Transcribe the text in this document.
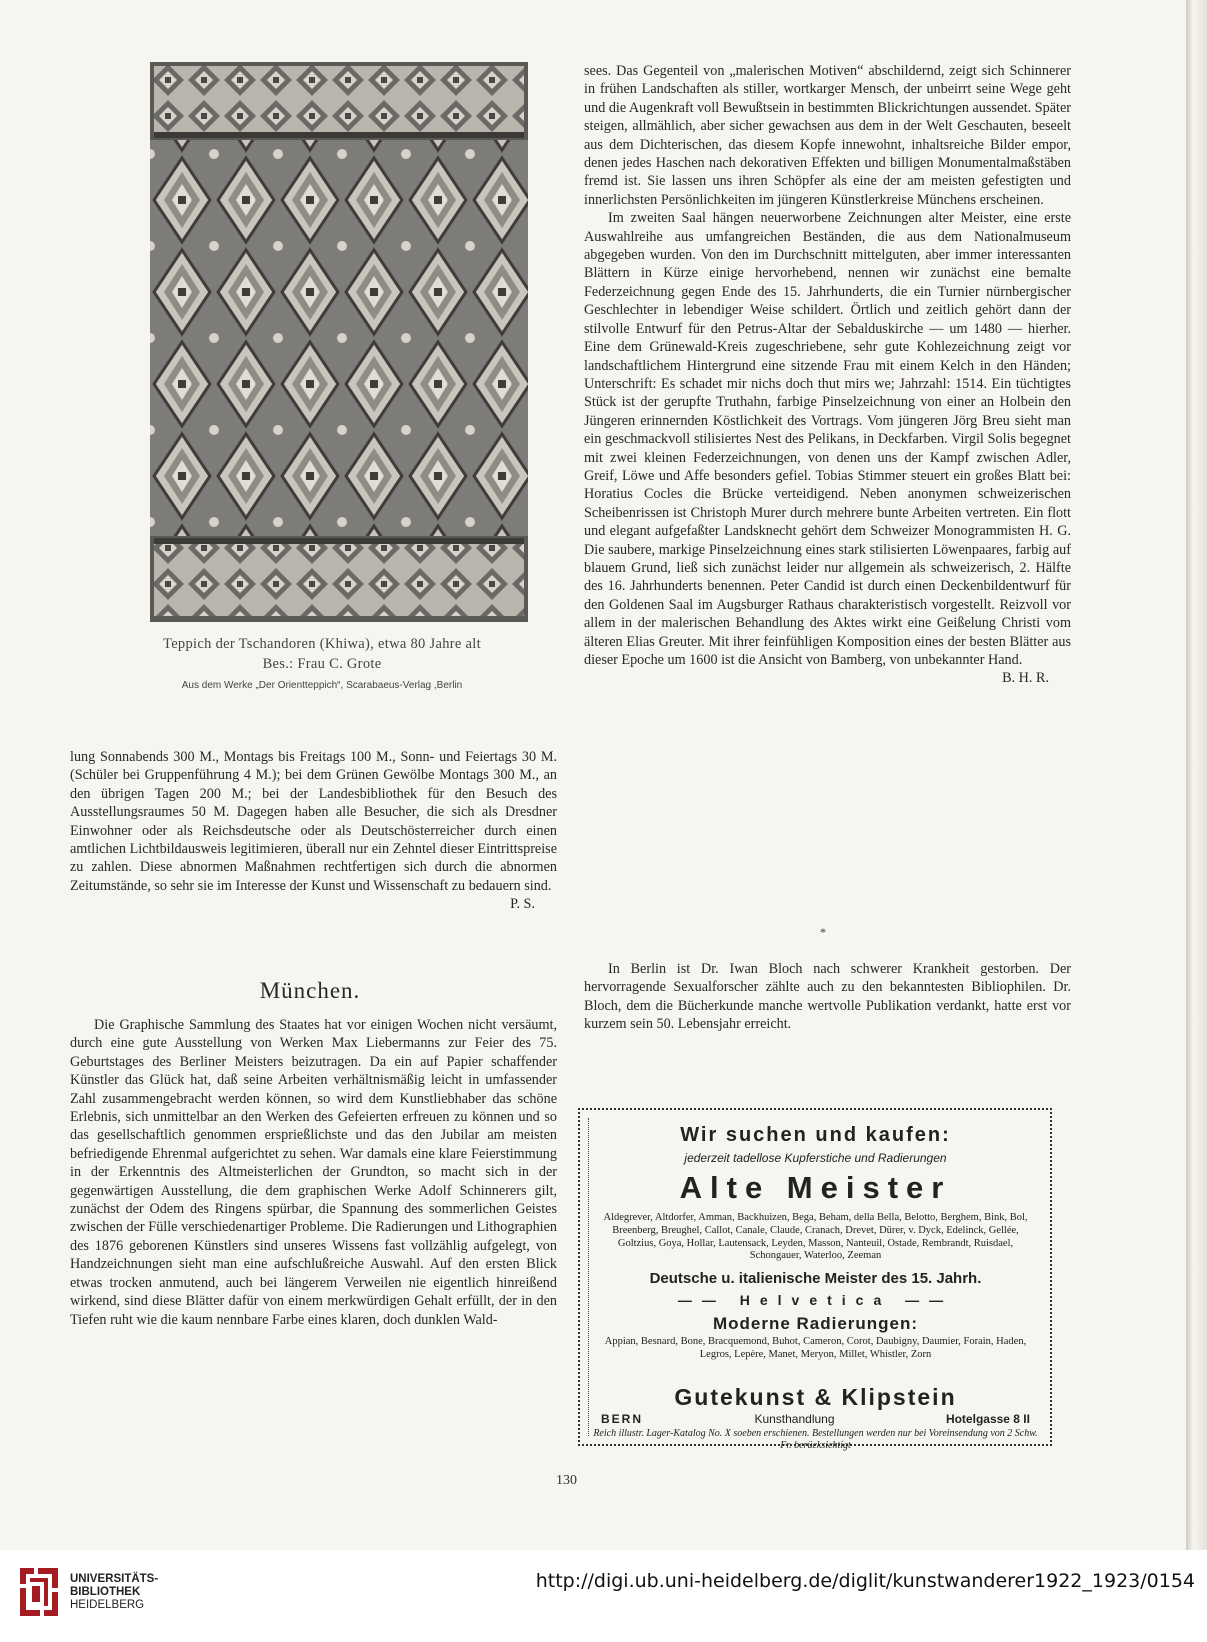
Teppich der Tschandoren (Khiwa), etwa 80 Jahre alt
Bes.: Frau C. Grote
Aus dem Werke „Der Orientteppich“, Scarabaeus-Verlag ,Berlin

lung Sonnabends 300 M., Montags bis Freitags 100 M., Sonn- und Feiertags 30 M. (Schüler bei Gruppenführung 4 M.); bei dem Grünen Gewölbe Montags 300 M., an den übrigen Tagen 200 M.; bei der Landesbibliothek für den Besuch des Ausstellungsraumes 50 M. Dagegen haben alle Besucher, die sich als Dresdner Einwohner oder als Reichsdeutsche oder als Deutschösterreicher durch einen amtlichen Lichtbildausweis legitimieren, überall nur ein Zehntel dieser Eintrittspreise zu zahlen. Diese abnormen Maßnahmen rechtfertigen sich durch die abnormen Zeitumstände, so sehr sie im Interesse der Kunst und Wissenschaft zu bedauern sind.

P. S.

München.

Die Graphische Sammlung des Staates hat vor einigen Wochen nicht versäumt, durch eine gute Ausstellung von Werken Max Liebermanns zur Feier des 75. Geburtstages des Berliner Meisters beizutragen. Da ein auf Papier schaffender Künstler das Glück hat, daß seine Arbeiten verhältnismäßig leicht in umfassender Zahl zusammengebracht werden können, so wird dem Kunstliebhaber das schöne Erlebnis, sich unmittelbar an den Werken des Gefeierten erfreuen zu können und so das gesellschaftlich genommen ersprießlichste und das den Jubilar am meisten befriedigende Ehrenmal aufgerichtet zu sehen. War damals eine klare Feierstimmung in der Erkenntnis des Altmeisterlichen der Grundton, so macht sich in der gegenwärtigen Ausstellung, die dem graphischen Werke Adolf Schinnerers gilt, zunächst der Odem des Ringens spürbar, die Spannung des sommerlichen Geistes zwischen der Fülle verschiedenartiger Probleme. Die Radierungen und Lithographien des 1876 geborenen Künstlers sind unseres Wissens fast vollzählig aufgelegt, von Handzeichnungen sieht man eine aufschlußreiche Auswahl. Auf den ersten Blick etwas trocken anmutend, auch bei längerem Verweilen nie eigentlich hinreißend wirkend, sind diese Blätter dafür von einem merkwürdigen Gehalt erfüllt, der in den Tiefen ruht wie die kaum nennbare Farbe eines klaren, doch dunklen Wald-

sees. Das Gegenteil von „malerischen Motiven“ abschildernd, zeigt sich Schinnerer in frühen Landschaften als stiller, wortkarger Mensch, der unbeirrt seine Wege geht und die Augenkraft voll Bewußtsein in bestimmten Blickrichtungen aussendet. Später steigen, allmählich, aber sicher gewachsen aus dem in der Welt Geschauten, beseelt aus dem Dichterischen, das diesem Kopfe innewohnt, inhaltsreiche Bilder empor, denen jedes Haschen nach dekorativen Effekten und billigen Monumentalmaßstäben fremd ist. Sie lassen uns ihren Schöpfer als eine der am meisten gefestigten und innerlichsten Persönlichkeiten im jüngeren Künstlerkreise Münchens erscheinen.

Im zweiten Saal hängen neuerworbene Zeichnungen alter Meister, eine erste Auswahlreihe aus umfangreichen Beständen, die aus dem Nationalmuseum abgegeben wurden. Von den im Durchschnitt mittelguten, aber immer interessanten Blättern in Kürze einige hervorhebend, nennen wir zunächst eine bemalte Federzeichnung gegen Ende des 15. Jahrhunderts, die ein Turnier nürnbergischer Geschlechter in lebendiger Weise schildert. Örtlich und zeitlich gehört dann der stilvolle Entwurf für den Petrus-Altar der Sebalduskirche — um 1480 — hierher. Eine dem Grünewald-Kreis zugeschriebene, sehr gute Kohlezeichnung zeigt vor landschaftlichem Hintergrund eine sitzende Frau mit einem Kelch in den Händen; Unterschrift: Es schadet mir nichs doch thut mirs we; Jahrzahl: 1514. Ein tüchtigtes Stück ist der gerupfte Truthahn, farbige Pinselzeichnung von einer an Holbein den Jüngeren erinnernden Köstlichkeit des Vortrags. Vom jüngeren Jörg Breu sieht man ein geschmackvoll stilisiertes Nest des Pelikans, in Deckfarben. Virgil Solis begegnet mit zwei kleinen Federzeichnungen, von denen uns der Kampf zwischen Adler, Greif, Löwe und Affe besonders gefiel. Tobias Stimmer steuert ein großes Blatt bei: Horatius Cocles die Brücke verteidigend. Neben anonymen schweizerischen Scheibenrissen ist Christoph Murer durch mehrere bunte Arbeiten vertreten. Ein flott und elegant aufgefaßter Landsknecht gehört dem Schweizer Monogrammisten H. G. Die saubere, markige Pinselzeichnung eines stark stilisierten Löwenpaares, farbig auf blauem Grund, ließ sich zunächst leider nur allgemein als schweizerisch, 2. Hälfte des 16. Jahrhunderts benennen. Peter Candid ist durch einen Deckenbildentwurf für den Goldenen Saal im Augsburger Rathaus charakteristisch vorgestellt. Reizvoll vor allem in der malerischen Behandlung des Aktes wirkt eine Geißelung Christi vom älteren Elias Greuter. Mit ihrer feinfühligen Komposition eines der besten Blätter aus dieser Epoche um 1600 ist die Ansicht von Bamberg, von unbekannter Hand.

B. H. R.

*

In Berlin ist Dr. Iwan Bloch nach schwerer Krankheit gestorben. Der hervorragende Sexualforscher zählte auch zu den bekanntesten Bibliophilen. Dr. Bloch, dem die Bücherkunde manche wertvolle Publikation verdankt, hatte erst vor kurzem sein 50. Lebensjahr erreicht.

Wir suchen und kaufen:
jederzeit tadellose Kupferstiche und Radierungen
Alte Meister
Aldegrever, Altdorfer, Amman, Backhuizen, Bega, Beham, della Bella, Belotto, Berghem, Bink, Bol, Breenberg, Breughel, Callot, Canale, Claude, Cranach, Drevet, Dürer, v. Dyck, Edelinck, Gellée, Goltzius, Goya, Hollar, Lautensack, Leyden, Masson, Nanteuil, Ostade, Rembrandt, Ruisdael, Schongauer, Waterloo, Zeeman
Deutsche u. italienische Meister des 15. Jahrh.
—— Helvetica ——
Moderne Radierungen:
Appian, Besnard, Bone, Bracquemond, Buhot, Cameron, Corot, Daubigny, Daumier, Forain, Haden, Legros, Lepère, Manet, Meryon, Millet, Whistler, Zorn
Gutekunst & Klipstein
BERN	Kunsthandlung	Hotelgasse 8 II
Reich illustr. Lager-Katalog No. X soeben erschienen. Bestellungen werden nur bei Voreinsendung von 2 Schw. Fr. berücksichtigt
130
UNIVERSITÄTS-
BIBLIOTHEK
HEIDELBERG
http://digi.ub.uni-heidelberg.de/diglit/kunstwanderer1922_1923/0154
